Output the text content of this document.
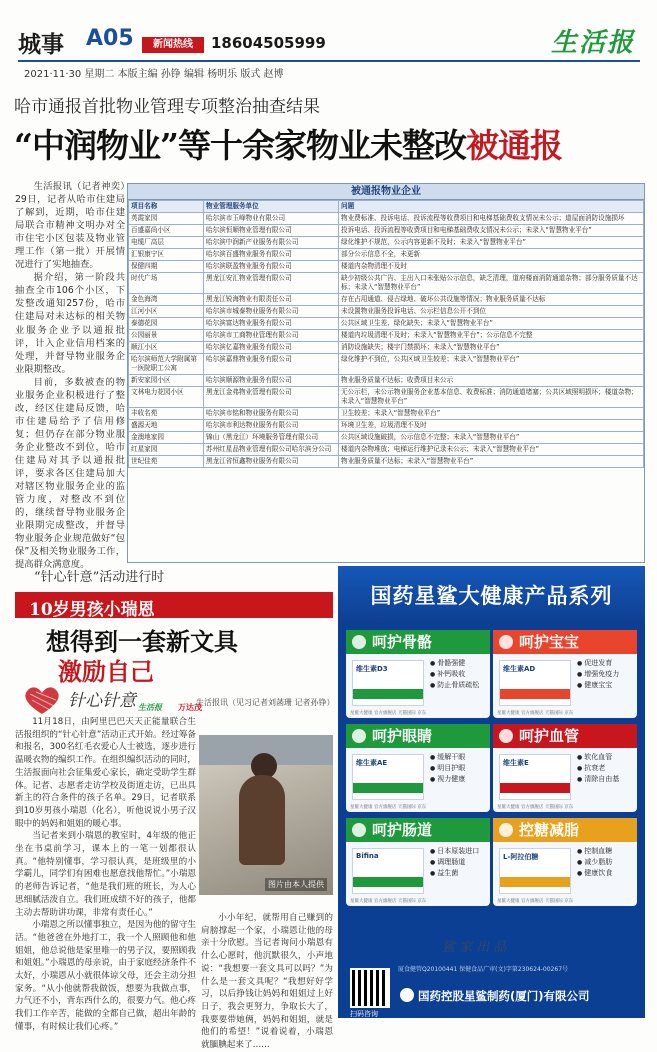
城事 A05	新闻热线	18604505999	生活报
2021·11·30 星期二 本版主编 孙铮 编辑 杨明乐 版式 赵博
哈市通报首批物业管理专项整治抽查结果
“中润物业”等十余家物业未整改被通报

生活报讯（记者神奕）29日，记者从哈市住建局了解到，近期，哈市住建局联合市精神文明办对全市住宅小区包装及物业管理工作（第一批）开展情况进行了实地抽查。

据介绍，第一阶段共抽查全市106个小区，下发整改通知257份，哈市住建局对未达标的相关物业服务企业予以通报批评，计入企业信用档案的处理，并督导物业服务企业限期整改。

目前，多数被查的物业服务企业积极进行了整改，经区住建局反馈，哈市住建局给予了信用修复；但仍存在部分物业服务企业整改不到位，哈市住建局对其予以通报批评，要求各区住建局加大对辖区物业服务企业的监管力度，对整改不到位的，继续督导物业服务企业限期完成整改，并督导物业服务企业规范做好“包保”及相关物业服务工作，提高群众满意度。

被通报物业企业
项目名称	物业管理服务单位	问题
英霞家园	哈尔滨市玉峰物业有限公司	物业费标准、投诉电话、投诉流程等收费项目和电梯基础费收支情况未公示；道屋面消防设施损坏
百盛嘉尚小区	哈尔滨恒顺物业管理有限公司	投诉电话、投诉流程等收费项目和电梯基础费收支情况未公示；未录入“智慧物业平台”
电缆厂高层	哈尔滨中润新产业服务有限公司	绿化维护不规范，公示内容更新不及时；未录入“智慧物业平台”
汇银康宁区	哈尔滨百盛物业服务有限公司	部分公示信息不全，未更新
保健四期	哈尔滨联盈物业服务有限公司	楼道内杂物清理不及时
时代广场	黑龙江安汇物业管理有限公司	缺少初级公共广告、主出入口未张贴公示信息，缺乏清理，道府楼面消防通道杂物；部分服务质量不达标；未录入“智慧物业平台”
金色海湾	黑龙江锐海物业有限责任公司	存在占用通道、侵占绿地、破坏公共设施等情况；物业服务质量不达标
江河小区	哈尔滨市城泰物业服务有限公司	未设置物业服务投诉电话、公示栏信息公开不到位
泰德花园	哈尔滨富达物业服务有限公司	公共区域卫生差、绿化缺失；未录入“智慧物业平台”
公园丽景	哈尔滨市工商物业管理有限公司	楼道内垃圾清理不及时；未录入“智慧物业平台”；公示信息不完整
顺江小区	哈尔滨亿嘉物业服务有限公司	消防设施缺失；楼宇门禁损坏；未录入“智慧物业平台”
哈尔滨师范大学附属第一医院职工公寓	哈尔滨嘉鼎物业服务有限公司	绿化维护不到位，公共区域卫生较差；未录入“智慧物业平台”
新安家园小区	哈尔滨顺源物业服务有限公司	物业服务质量不达标；收费项目未公示
文林电力花园小区	黑龙江金弗物业管理有限公司	无公示栏，未公示物业服务企业基本信息、收费标准；消防通道堵塞；公共区域照明损坏；楼道杂物；未录入“智慧物业平台”
丰收名苑	哈尔滨市铭和物业服务有限公司	卫生较差；未录入“智慧物业平台”
盛源天地	哈尔滨市利达物业服务有限公司	环境卫生差，垃圾清理不及时
金澳地家园	锦山（黑龙江）环境服务管理有限公司	公共区域设施破损，公示信息不完整；未录入“智慧物业平台”
红星家园	苏州红星品物业管理有限公司哈尔滨分公司	楼道内杂物堆放；电梯运行维护记录未公示；未录入“智慧物业平台”
世纪佳苑	黑龙江省恒鑫物业服务有限公司	物业服务质量不达标；未录入“智慧物业平台”
“针心针意”活动进行时
10岁男孩小瑞恩
想得到一套新文具
激励自己
针心针意 生活报 万达茂
生活报讯（见习记者刘菡珊 记者孙铮）

11月18日，由阿里巴巴天天正能量联合生活报组织的“针心针意”活动正式开始。经过筹备和报名，300名红毛衣爱心人士被选，逐步进行温暖衣物的编织工作。在组织编织活动的同时，生活报面向社会征集爱心家长，确定受助学生群体。记者、志愿者走访学校及街道走访，已出具新主的符合条件的孩子名单。29日，记者联系到10岁男孩小瑞恩（化名），听他说说小男子汉眼中的妈妈和姐姐的暖心事。

当记者来到小瑞恩的教室时，4年级的他正坐在书桌前学习，课本上的一笔一划都很认真。“他特别懂事，学习很认真，是班级里的小学霸儿，同学们有困难也愿意找他帮忙。”小瑞恩的老师告诉记者，“他是我们班的班长，为人心思细腻活泼自立。我们班成绩不好的孩子，他都主动去帮助讲功课，非常有责任心。”

小瑞恩之所以懂事独立，是因为他的留守生活。“他爸爸在外地打工，我一个人照顾他和他姐姐，他总说他是家里唯一的男子汉，要照顾我和姐姐。”小瑞恩的母亲说，由于家庭经济条件不太好，小瑞恩从小就很体谅父母，还会主动分担家务。“从小他就帮我做饭，想要为我做点事，力气还不小，背东西什么的，很要力气。他心疼我们工作辛苦，能做的全都自己做，超出年龄的懂事，有时候让我们心疼。”

小小年纪，就帮用自己赚到的肩膀撑起一个家，小瑞恩让他的母亲十分欣慰。当记者询问小瑞恩有什么心愿时，他沉默很久，小声地说：“我想要一套文具可以吗？”为什么是一套文具呢？“我想好好学习，以后挣钱让妈妈和姐姐过上好日子，我会更努力，争取长大了，我要要带她俩，妈妈和姐姐，就是他们的希望！”说着说着，小瑞恩就腼腆起来了……

图片由本人提供
国药星鲨大健康产品系列
呵护骨骼
维生素D3
● 骨骼强健
● 补钙吸收
● 防止骨质疏松
星鲨大健康 官方旗舰店 天猫国际 京东
呵护宝宝
维生素AD
● 促进发育
● 增强免疫力
● 健康宝宝
星鲨大健康 官方旗舰店 天猫国际 京东
呵护眼睛
维生素AE
● 缓解干眼
● 明目护眼
● 视力健康
星鲨大健康 官方旗舰店 天猫国际 京东
呵护血管
维生素E
● 软化血管
● 抗衰老
● 清除自由基
星鲨大健康 官方旗舰店 天猫国际 京东
呵护肠道
Bifina
● 日本原装进口
● 调理肠道
● 益生菌
星鲨大健康 官方旗舰店 天猫国际 京东
控糖减脂
L-阿拉伯糖
● 控制血糖
● 减少脂肪
● 健康饮食
星鲨大健康 官方旗舰店 天猫国际 京东
鲨 家 出 品
扫码咨询
厦食健管Q20100441 保健食品广审(文)字第230624-00267号
国药控股星鲨制药(厦门)有限公司
